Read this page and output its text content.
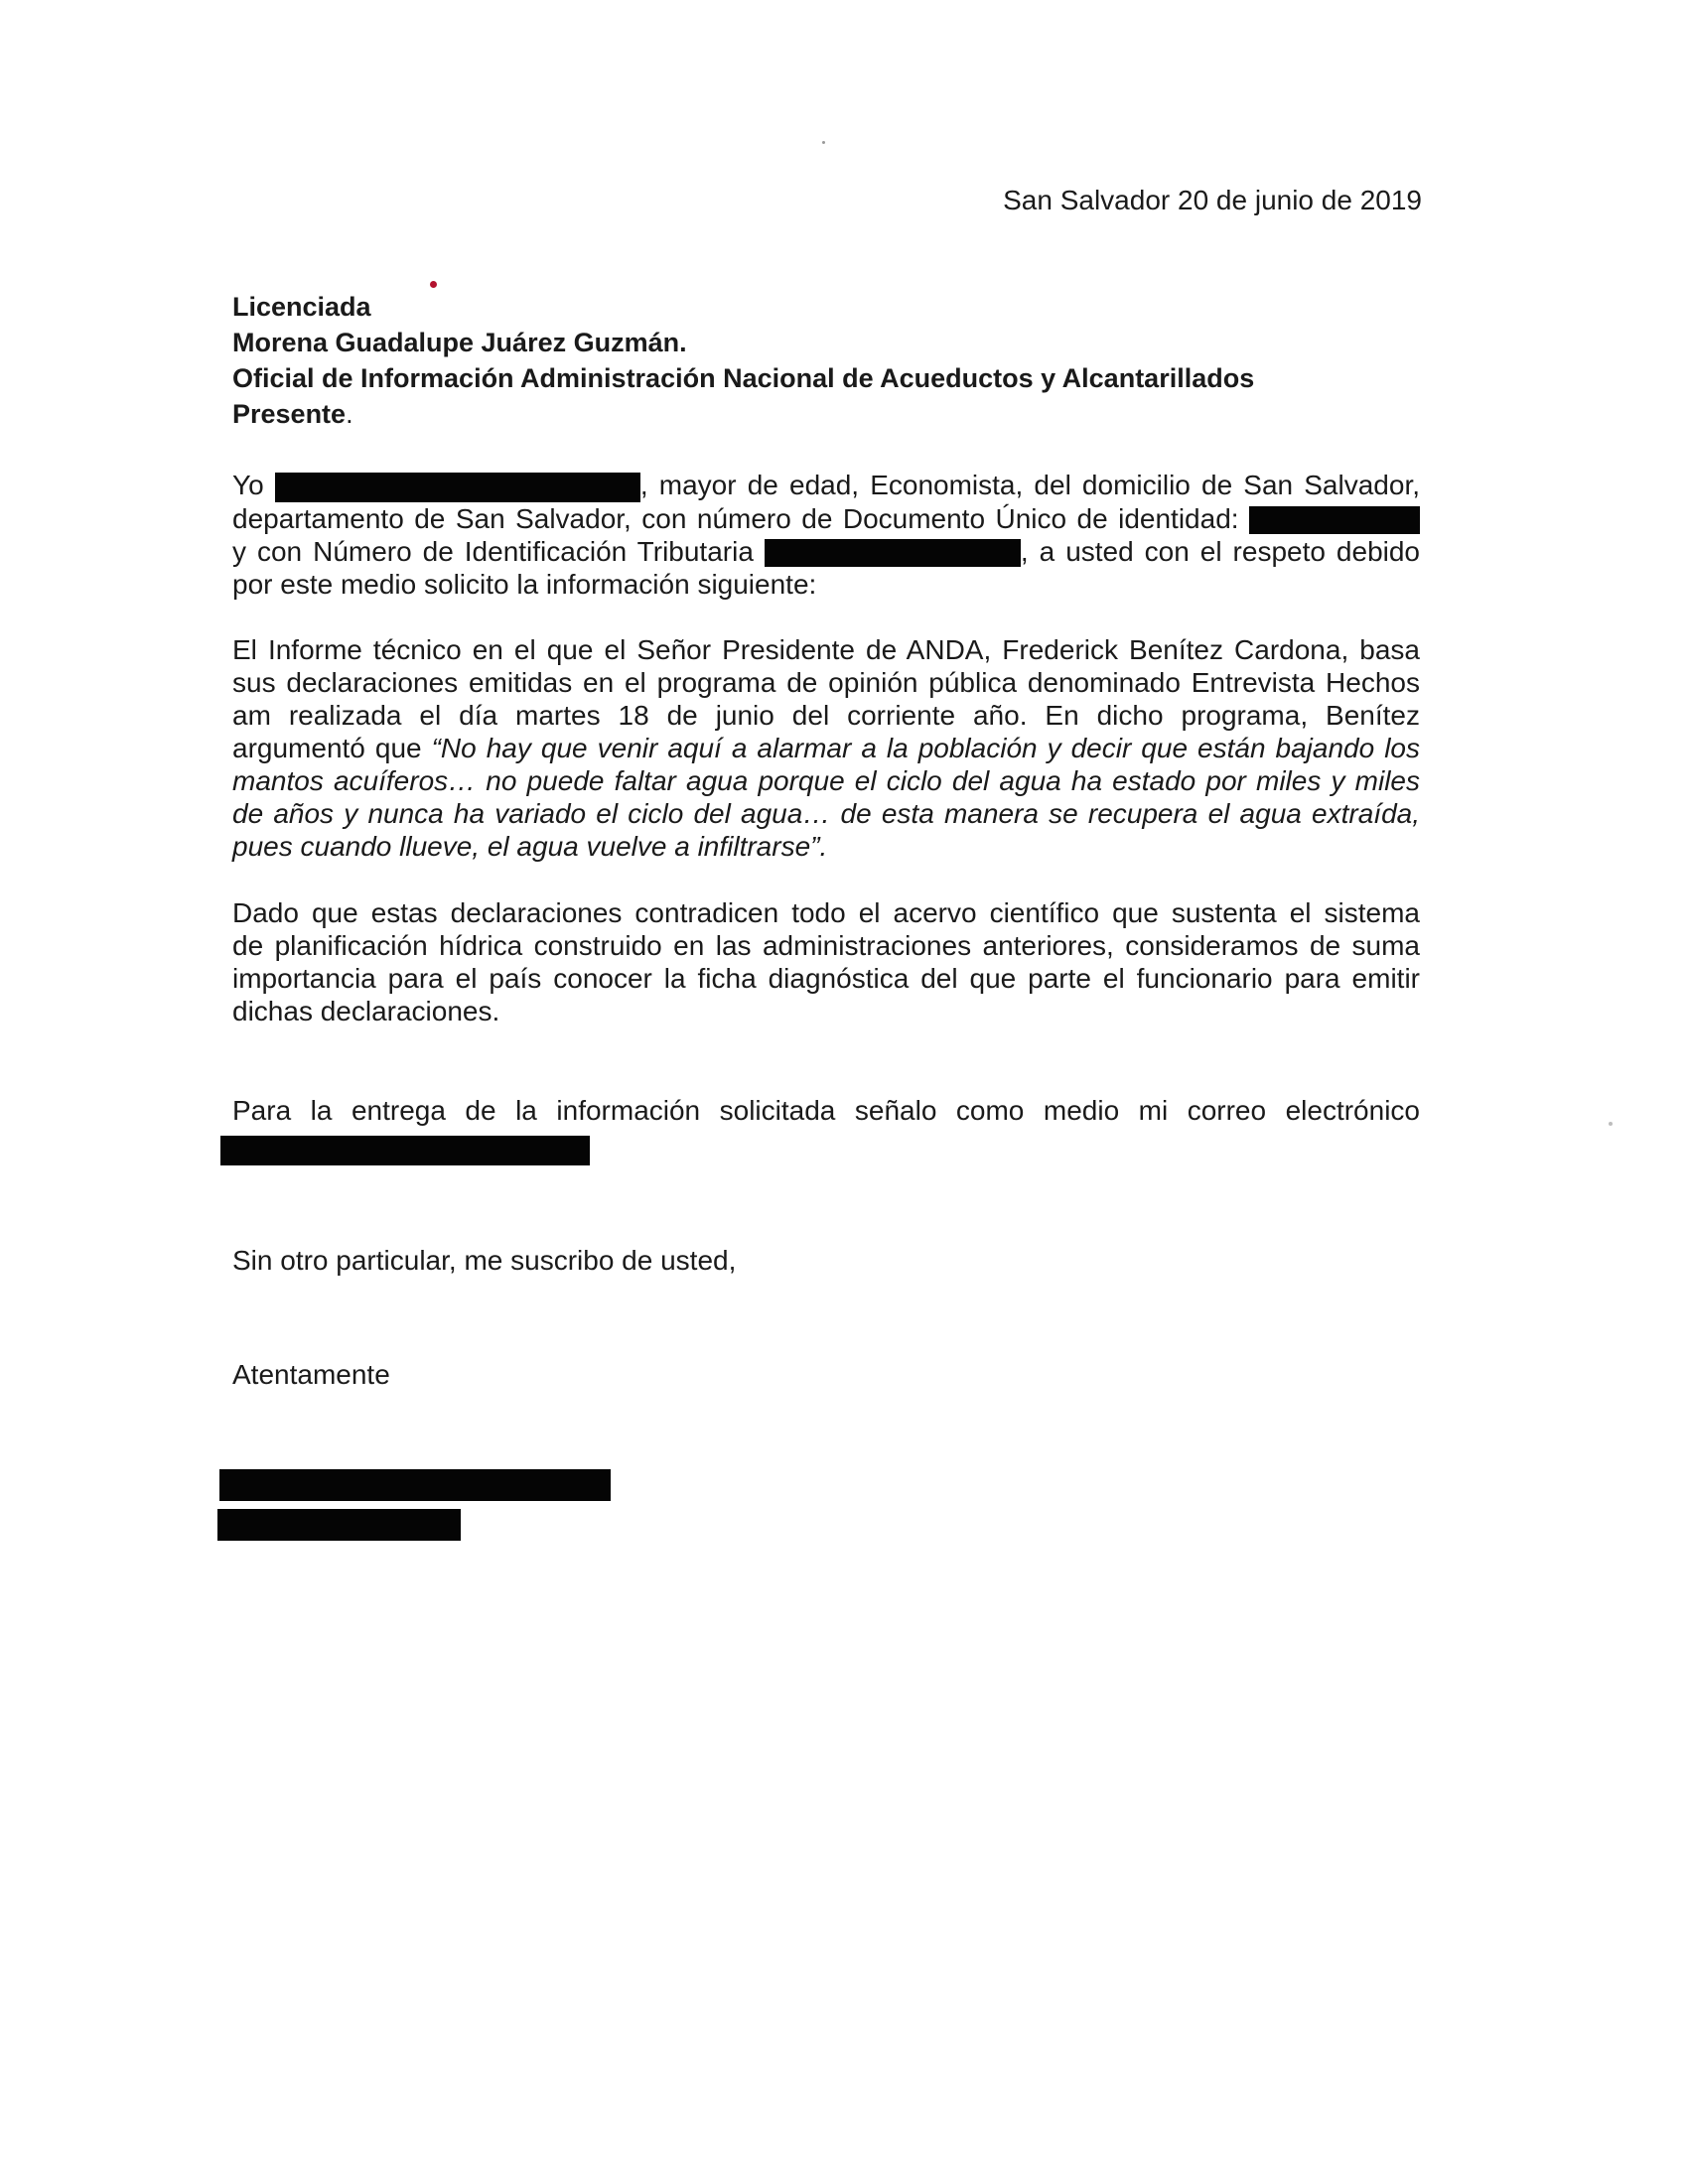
San Salvador 20 de junio de 2019
Licenciada
Morena Guadalupe Juárez Guzmán.
Oficial de Información Administración Nacional de Acueductos y Alcantarillados
Presente.
Yo	, mayor de edad, Economista, del domicilio de San Salvador,
departamento de San Salvador, con número de Documento Único de identidad:
y con Número de Identificación Tributaria	, a usted con el respeto debido
por este medio solicito la información siguiente:
El Informe técnico en el que el Señor Presidente de ANDA, Frederick Benítez Cardona, basa
sus declaraciones emitidas en el programa de opinión pública denominado Entrevista Hechos
am realizada el día martes 18 de junio del corriente año. En dicho programa, Benítez
argumentó que “No hay que venir aquí a alarmar a la población y decir que están bajando los
mantos acuíferos… no puede faltar agua porque el ciclo del agua ha estado por miles y miles
de años y nunca ha variado el ciclo del agua… de esta manera se recupera el agua extraída,
pues cuando llueve, el agua vuelve a infiltrarse”.
Dado que estas declaraciones contradicen todo el acervo científico que sustenta el sistema
de planificación hídrica construido en las administraciones anteriores, consideramos de suma
importancia para el país conocer la ficha diagnóstica del que parte el funcionario para emitir
dichas declaraciones.
Para la entrega de la información solicitada señalo como medio mi correo electrónico
Sin otro particular, me suscribo de usted,
Atentamente
